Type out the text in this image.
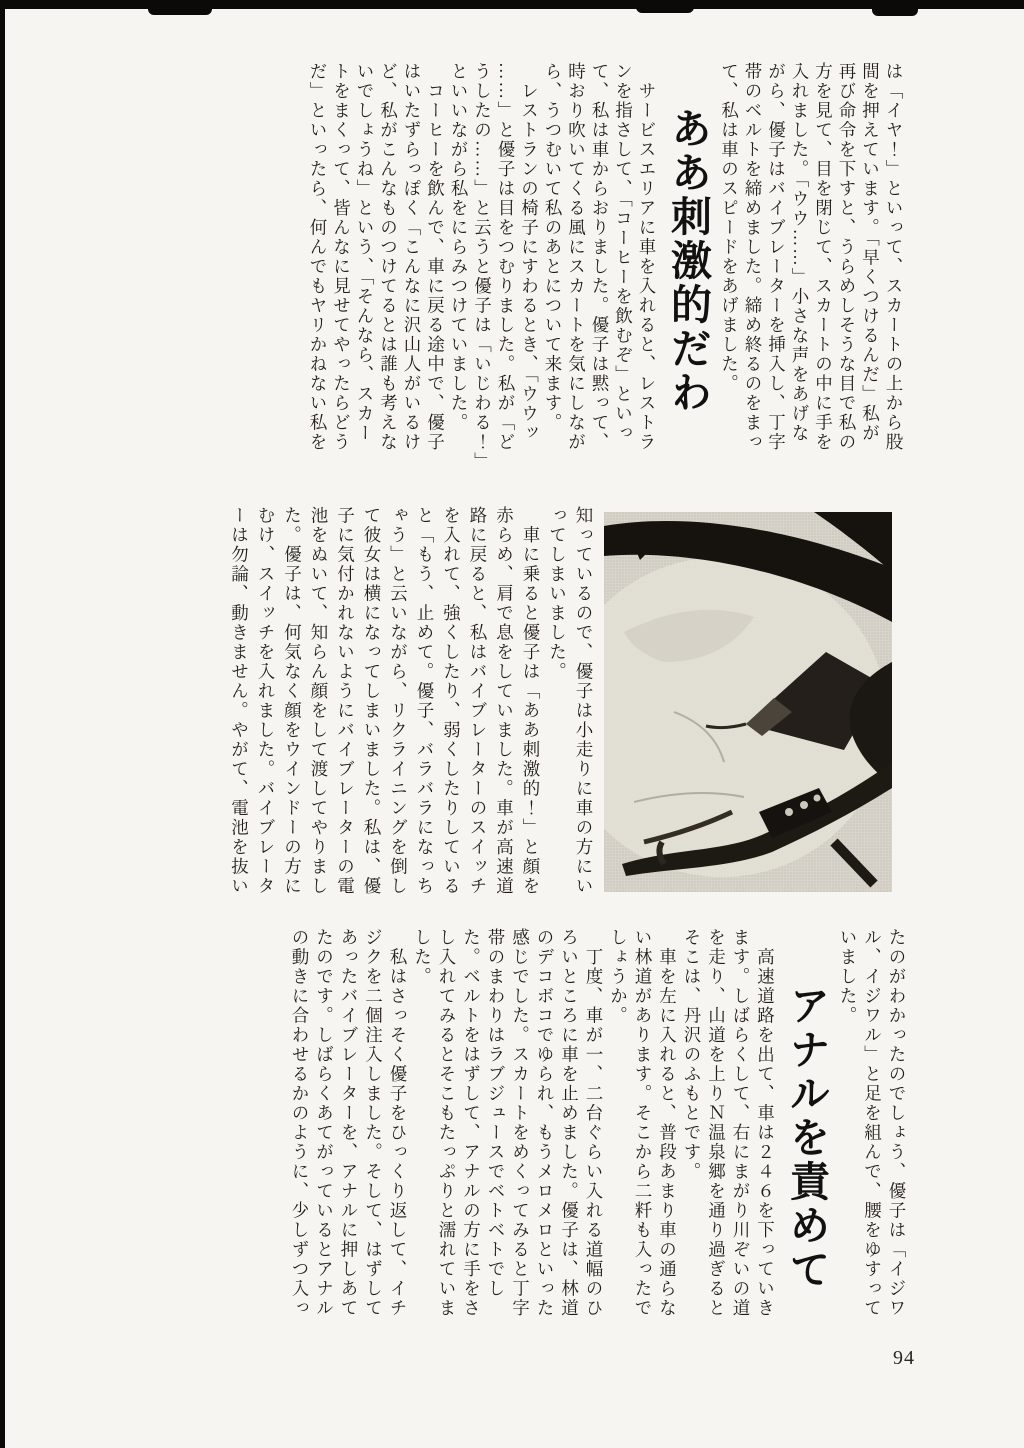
は「イヤ！」といって、スカートの上から股

間を押えています。「早くつけるんだ」私が

再び命令を下すと、うらめしそうな目で私の

方を見て、目を閉じて、スカートの中に手を

入れました。「ウウ……」小さな声をあげな

がら、優子はバイブレーターを挿入し、丁字

帯のベルトを締めました。締め終るのをまっ

て、私は車のスピードをあげました。

ああ刺激的だわ

　サービスエリアに車を入れると、レストラ

ンを指さして、「コーヒーを飲むぞ」といっ

て、私は車からおりました。優子は黙って、

時おり吹いてくる風にスカートを気にしなが

ら、うつむいて私のあとについて来ます。

　レストランの椅子にすわるとき、「ウウッ

……」と優子は目をつむりました。私が「ど

うしたの……」と云うと優子は「いじわる！」

といいながら私をにらみつけていました。

　コーヒーを飲んで、車に戻る途中で、優子

はいたずらっぽく「こんなに沢山人がいるけ

ど、私がこんなものつけてるとは誰も考えな

いでしょうね」という、「そんなら、スカー

トをまくって、皆んなに見せてやったらどう

だ」といったら、何んでもヤリかねない私を

知っているので、優子は小走りに車の方にい

ってしまいました。

　車に乗ると優子は「ああ刺激的！」と顔を

赤らめ、肩で息をしていました。車が高速道

路に戻ると、私はバイブレーターのスイッチ

を入れて、強くしたり、弱くしたりしている

と「もう、止めて。優子、バラバラになっち

ゃう」と云いながら、リクライニングを倒し

て彼女は横になってしまいました。私は、優

子に気付かれないようにバイブレーターの電

池をぬいて、知らん顔をして渡してやりまし

た。優子は、何気なく顔をウインドーの方に

むけ、スイッチを入れました。バイブレータ

ーは勿論、動きません。やがて、電池を抜い

たのがわかったのでしょう、優子は「イジワ

ル、イジワル」と足を組んで、腰をゆすって

いました。

アナルを責めて

　高速道路を出て、車は２４６を下っていき

ます。しばらくして、右にまがり川ぞいの道

を走り、山道を上りＮ温泉郷を通り過ぎると

そこは、丹沢のふもとです。

　車を左に入れると、普段あまり車の通らな

い林道があります。そこから二粁も入ったで

しょうか。

　丁度、車が一、二台ぐらい入れる道幅のひ

ろいところに車を止めました。優子は、林道

のデコボコでゆられ、もうメロメロといった

感じでした。スカートをめくってみると丁字

帯のまわりはラブジュースでベトベトでし

た。ベルトをはずして、アナルの方に手をさ

し入れてみるとそこもたっぷりと濡れていま

した。

　私はさっそく優子をひっくり返して、イチ

ジクを二個注入しました。そして、はずして

あったバイブレーターを、アナルに押しあて

たのです。しばらくあてがっているとアナル

の動きに合わせるかのように、少しずつ入っ

94
